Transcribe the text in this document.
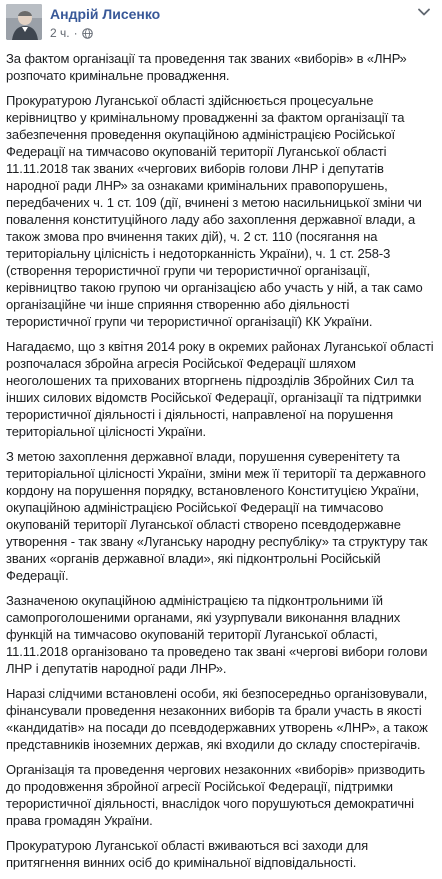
Андрій Лисенко
2 ч. ·

За фактом організації та проведення так званих «виборів» в «ЛНР» розпочато кримінальне провадження.

Прокуратурою Луганської області здійснюється процесуальне керівництво у кримінальному провадженні за фактом організації та забезпечення проведення окупаційною адміністрацією Російської Федерації на тимчасово окупованій території Луганської області 11.11.2018 так званих «чергових виборів голови ЛНР і депутатів народної ради ЛНР» за ознаками кримінальних правопорушень, передбачених ч. 1 ст. 109 (дії, вчинені з метою насильницької зміни чи повалення конституційного ладу або захоплення державної влади, а також змова про вчинення таких дій), ч. 2 ст. 110 (посягання на територіальну цілісність і недоторканність України), ч. 1 ст. 258-3 (створення терористичної групи чи терористичної організації, керівництво такою групою чи організацією або участь у ній, а так само організаційне чи інше сприяння створенню або діяльності терористичної групи чи терористичної організації) КК України.

Нагадаємо, що з квітня 2014 року в окремих районах Луганської області розпочалася збройна агресія Російської Федерації шляхом неоголошених та прихованих вторгнень підрозділів Збройних Сил та інших силових відомств Російської Федерації, організації та підтримки терористичної діяльності і діяльності, направленої на порушення територіальної цілісності України.

З метою захоплення державної влади, порушення суверенітету та територіальної цілісності України, зміни меж її території та державного кордону на порушення порядку, встановленого Конституцією України, окупаційною адміністрацією Російської Федерації на тимчасово окупованій території Луганської області створено псевдодержавне утворення - так звану «Луганську народну республіку» та структуру так званих «органів державної влади», які підконтрольні Російській Федерації.

Зазначеною окупаційною адміністрацією та підконтрольними їй самопроголошеними органами, які узурпували виконання владних функцій на тимчасово окупованій території Луганської області, 11.11.2018 організовано та проведено так звані «чергові вибори голови ЛНР і депутатів народної ради ЛНР».

Наразі слідчими встановлені особи, які безпосередньо організовували, фінансували проведення незаконних виборів та брали участь в якості «кандидатів» на посади до псевдодержавних утворень «ЛНР», а також представників іноземних держав, які входили до складу спостерігачів.

Організація та проведення чергових незаконних «виборів» призводить до продовження збройної агресії Російської Федерації, підтримки терористичної діяльності, внаслідок чого порушуються демократичні права громадян України.

Прокуратурою Луганської області вживаються всі заходи для притягнення винних осіб до кримінальної відповідальності.
